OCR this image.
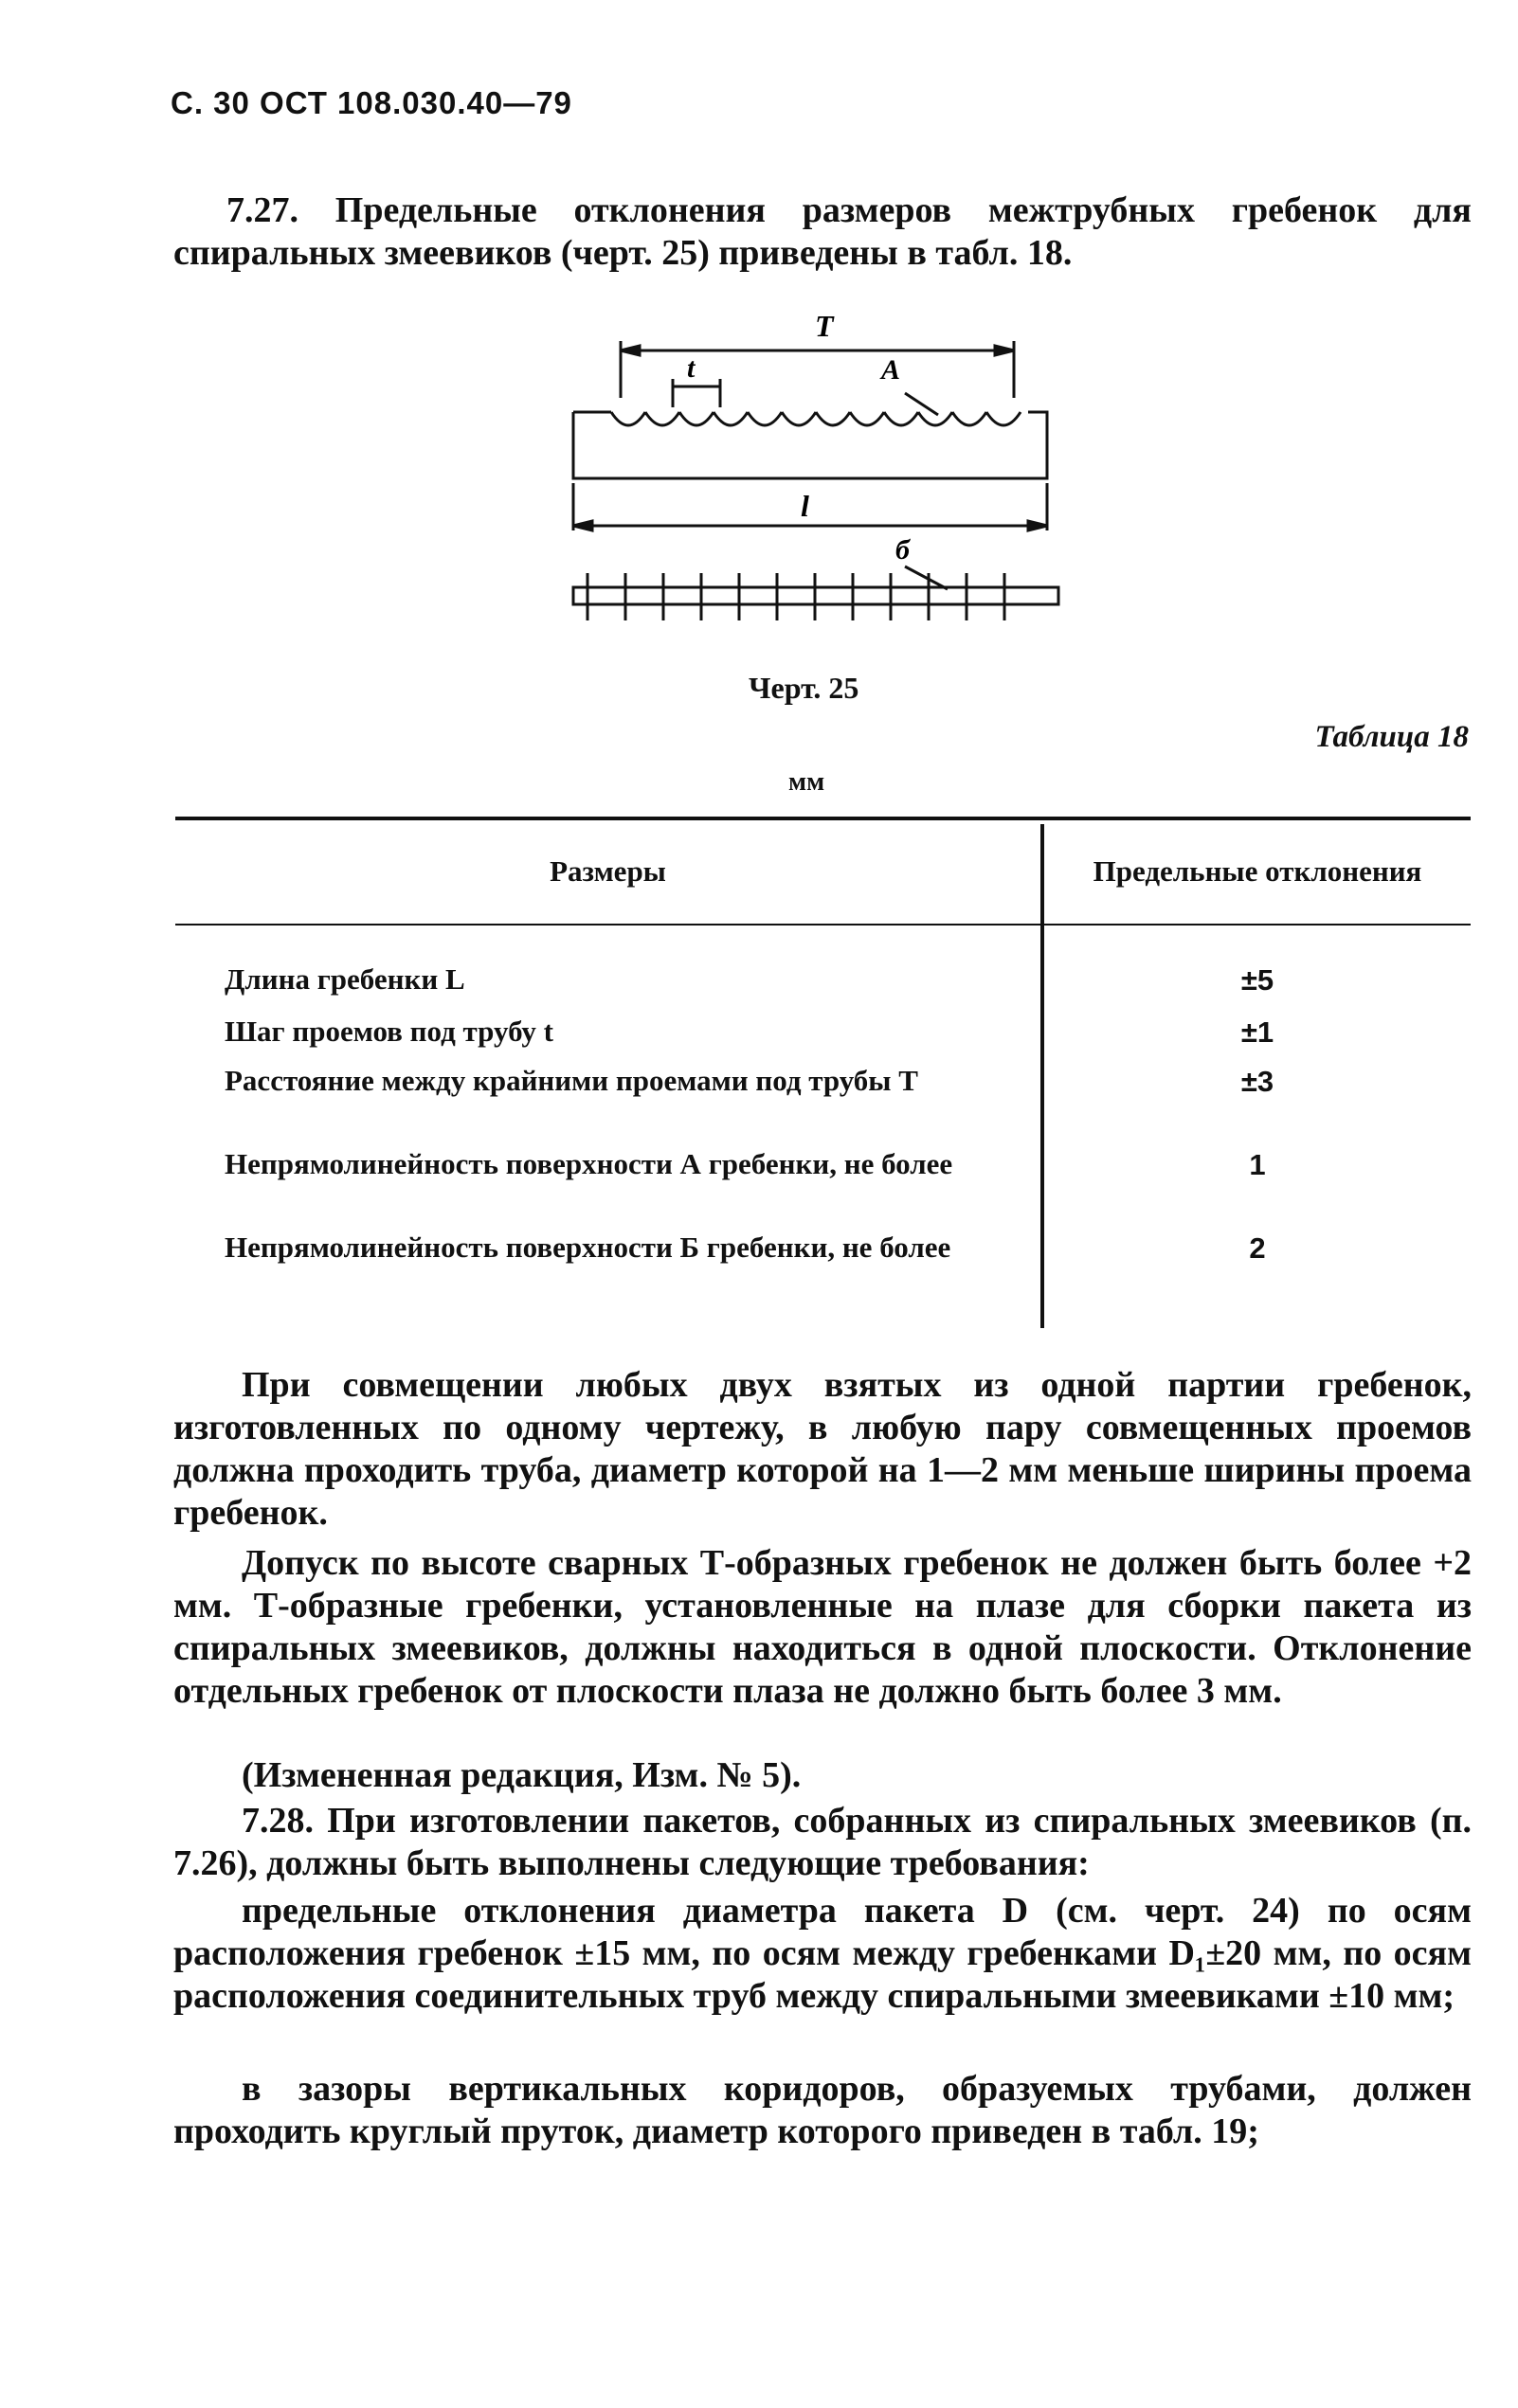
С. 30 ОСТ 108.030.40—79
7.27. Предельные отклонения размеров межтрубных гребенок для спиральных змеевиков (черт. 25) приведены в табл. 18.
T
t	A
l
б
Черт. 25
Таблица 18
мм
Размеры	Предельные отклонения
Длина гребенки L	±5
Шаг проемов под трубу t	±1
Расстояние между крайними проемами под трубы T	±3
Непрямолинейность поверхности А гребенки, не более	1
Непрямолинейность поверхности Б гребенки, не более	2
При совмещении любых двух взятых из одной партии гребенок, изготовленных по одному чертежу, в любую пару совмещенных проемов должна проходить труба, диаметр которой на 1—2 мм меньше ширины проема гребенок.
Допуск по высоте сварных Т-образных гребенок не должен быть более +2 мм. Т-образные гребенки, установленные на плазе для сборки пакета из спиральных змеевиков, должны находиться в одной плоскости. Отклонение отдельных гребенок от плоскости плаза не должно быть более 3 мм.
(Измененная редакция, Изм. № 5).
7.28. При изготовлении пакетов, собранных из спиральных змеевиков (п. 7.26), должны быть выполнены следующие требования:
предельные отклонения диаметра пакета D (см. черт. 24) по осям расположения гребенок ±15 мм, по осям между гребенками D₁±20 мм, по осям расположения соединительных труб между спиральными змеевиками ±10 мм;
в зазоры вертикальных коридоров, образуемых трубами, должен проходить круглый пруток, диаметр которого приведен в табл. 19;
